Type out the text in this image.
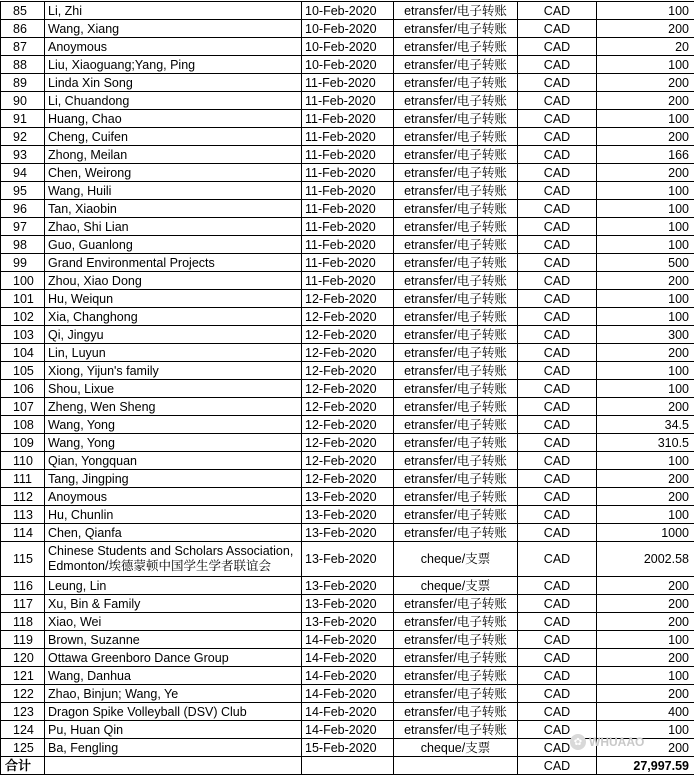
85	Li, Zhi	10-Feb-2020	etransfer/电子转账	CAD	100
86	Wang, Xiang	10-Feb-2020	etransfer/电子转账	CAD	200
87	Anoymous	10-Feb-2020	etransfer/电子转账	CAD	20
88	Liu, Xiaoguang;Yang, Ping	10-Feb-2020	etransfer/电子转账	CAD	100
89	Linda Xin Song	11-Feb-2020	etransfer/电子转账	CAD	200
90	Li, Chuandong	11-Feb-2020	etransfer/电子转账	CAD	200
91	Huang, Chao	11-Feb-2020	etransfer/电子转账	CAD	100
92	Cheng, Cuifen	11-Feb-2020	etransfer/电子转账	CAD	200
93	Zhong, Meilan	11-Feb-2020	etransfer/电子转账	CAD	166
94	Chen, Weirong	11-Feb-2020	etransfer/电子转账	CAD	200
95	Wang, Huili	11-Feb-2020	etransfer/电子转账	CAD	100
96	Tan, Xiaobin	11-Feb-2020	etransfer/电子转账	CAD	100
97	Zhao, Shi Lian	11-Feb-2020	etransfer/电子转账	CAD	100
98	Guo, Guanlong	11-Feb-2020	etransfer/电子转账	CAD	100
99	Grand Environmental Projects	11-Feb-2020	etransfer/电子转账	CAD	500
100	Zhou, Xiao Dong	11-Feb-2020	etransfer/电子转账	CAD	200
101	Hu, Weiqun	12-Feb-2020	etransfer/电子转账	CAD	100
102	Xia, Changhong	12-Feb-2020	etransfer/电子转账	CAD	100
103	Qi, Jingyu	12-Feb-2020	etransfer/电子转账	CAD	300
104	Lin, Luyun	12-Feb-2020	etransfer/电子转账	CAD	200
105	Xiong, Yijun's family	12-Feb-2020	etransfer/电子转账	CAD	100
106	Shou, Lixue	12-Feb-2020	etransfer/电子转账	CAD	100
107	Zheng, Wen Sheng	12-Feb-2020	etransfer/电子转账	CAD	200
108	Wang, Yong	12-Feb-2020	etransfer/电子转账	CAD	34.5
109	Wang, Yong	12-Feb-2020	etransfer/电子转账	CAD	310.5
110	Qian, Yongquan	12-Feb-2020	etransfer/电子转账	CAD	100
111	Tang, Jingping	12-Feb-2020	etransfer/电子转账	CAD	200
112	Anoymous	13-Feb-2020	etransfer/电子转账	CAD	200
113	Hu, Chunlin	13-Feb-2020	etransfer/电子转账	CAD	100
114	Chen, Qianfa	13-Feb-2020	etransfer/电子转账	CAD	1000
115	Chinese Students and Scholars Association, Edmonton/埃德蒙顿中国学生学者联谊会	13-Feb-2020	cheque/支票	CAD	2002.58
116	Leung, Lin	13-Feb-2020	cheque/支票	CAD	200
117	Xu, Bin & Family	13-Feb-2020	etransfer/电子转账	CAD	200
118	Xiao, Wei	13-Feb-2020	etransfer/电子转账	CAD	200
119	Brown, Suzanne	14-Feb-2020	etransfer/电子转账	CAD	100
120	Ottawa Greenboro Dance Group	14-Feb-2020	etransfer/电子转账	CAD	200
121	Wang, Danhua	14-Feb-2020	etransfer/电子转账	CAD	100
122	Zhao, Binjun; Wang, Ye	14-Feb-2020	etransfer/电子转账	CAD	200
123	Dragon Spike Volleyball (DSV) Club	14-Feb-2020	etransfer/电子转账	CAD	400
124	Pu, Huan Qin	14-Feb-2020	etransfer/电子转账	CAD	100
125	Ba, Fengling	15-Feb-2020	cheque/支票	CAD	200
合计				CAD	27,997.59
✿ WHUAAO
